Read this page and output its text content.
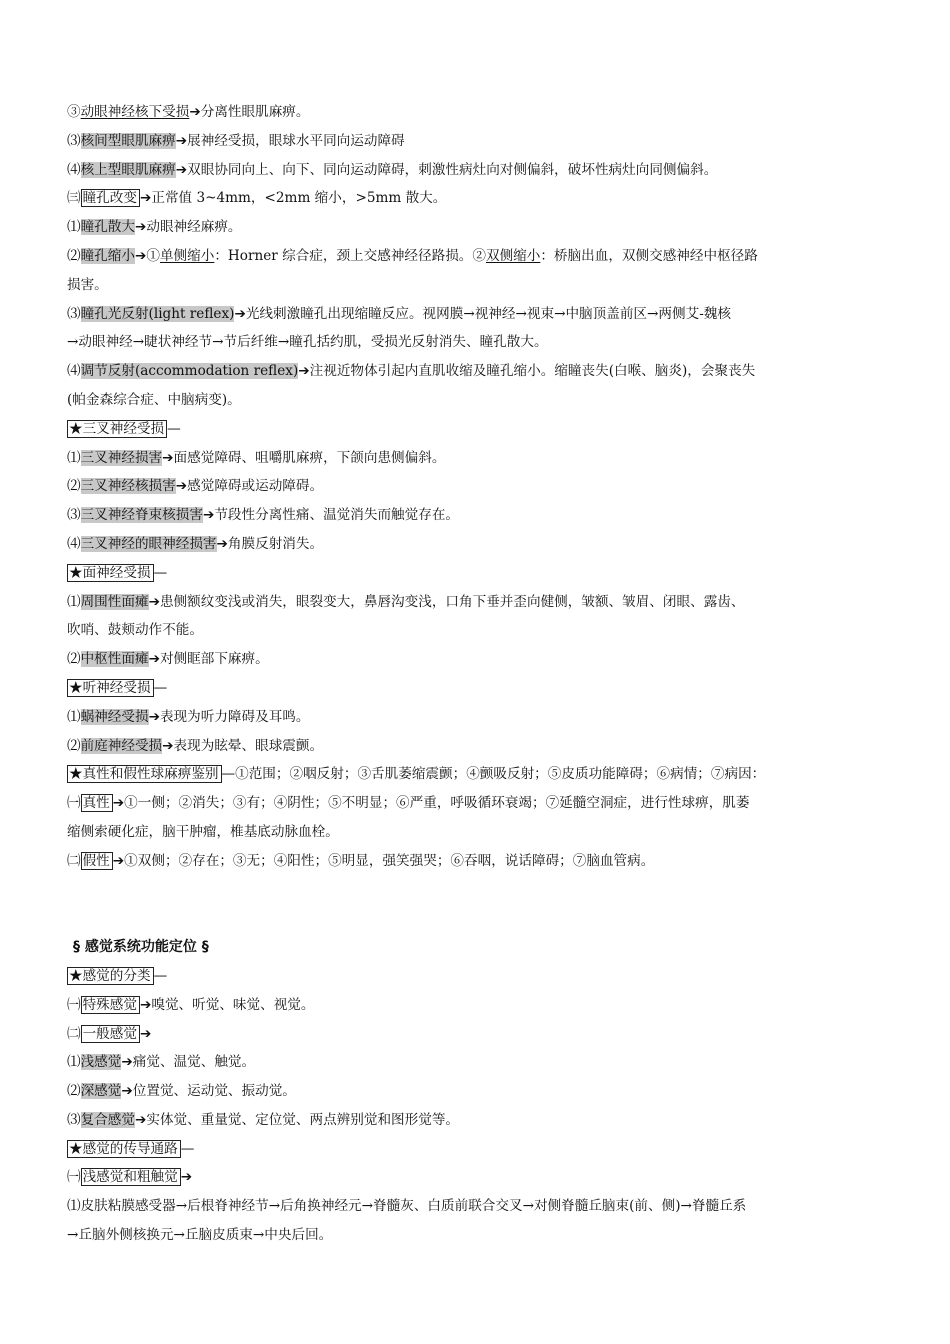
③动眼神经核下受损➔分离性眼肌麻痹。
⑶核间型眼肌麻痹➔展神经受损，眼球水平同向运动障碍
⑷核上型眼肌麻痹➔双眼协同向上、向下、同向运动障碍，刺激性病灶向对侧偏斜，破坏性病灶向同侧偏斜。
㈢ 瞳孔改变 ➔正常值 3~4mm，<2mm 缩小，>5mm 散大。
⑴瞳孔散大➔动眼神经麻痹。
⑵瞳孔缩小➔①单侧缩小：Horner 综合症，颈上交感神经径路损。②双侧缩小：桥脑出血，双侧交感神经中枢径路
损害。
⑶瞳孔光反射(light reflex)➔光线刺激瞳孔出现缩瞳反应。视网膜→视神经→视束→中脑顶盖前区→两侧艾-魏核
→动眼神经→睫状神经节→节后纤维→瞳孔括约肌，受损光反射消失、瞳孔散大。
⑷调节反射(accommodation reflex)➔注视近物体引起内直肌收缩及瞳孔缩小。缩瞳丧失(白喉、脑炎)，会聚丧失
(帕金森综合症、中脑病变)。
★三叉神经受损 —
⑴三叉神经损害➔面感觉障碍、咀嚼肌麻痹，下颌向患侧偏斜。
⑵三叉神经核损害➔感觉障碍或运动障碍。
⑶三叉神经脊束核损害➔节段性分离性痛、温觉消失而触觉存在。
⑷三叉神经的眼神经损害➔角膜反射消失。
★面神经受损 —
⑴周围性面瘫➔患侧额纹变浅或消失，眼裂变大，鼻唇沟变浅，口角下垂并歪向健侧，皱额、皱眉、闭眼、露齿、
吹哨、鼓颊动作不能。
⑵中枢性面瘫➔对侧眶部下麻痹。
★听神经受损 —
⑴蜗神经受损➔表现为听力障碍及耳鸣。
⑵前庭神经受损➔表现为眩晕、眼球震颤。
★真性和假性球麻痹鉴别 —①范围；②咽反射；③舌肌萎缩震颤；④颤吸反射；⑤皮质功能障碍；⑥病情；⑦病因：
㈠ 真性 ➔①一侧；②消失；③有；④阴性；⑤不明显；⑥严重，呼吸循环衰竭；⑦延髓空洞症，进行性球痹，肌萎
缩侧索硬化症，脑干肿瘤，椎基底动脉血栓。
㈡ 假性 ➔①双侧；②存在；③无；④阳性；⑤明显，强笑强哭；⑥吞咽，说话障碍；⑦脑血管病。
§ 感觉系统功能定位 §
★感觉的分类 —
㈠ 特殊感觉 ➔嗅觉、听觉、味觉、视觉。
㈡ 一般感觉 ➔
⑴浅感觉➔痛觉、温觉、触觉。
⑵深感觉➔位置觉、运动觉、振动觉。
⑶复合感觉➔实体觉、重量觉、定位觉、两点辨别觉和图形觉等。
★感觉的传导通路 —
㈠ 浅感觉和粗触觉 ➔
⑴皮肤粘膜感受器→后根脊神经节→后角换神经元→脊髓灰、白质前联合交叉→对侧脊髓丘脑束(前、侧)→脊髓丘系
→丘脑外侧核换元→丘脑皮质束→中央后回。
